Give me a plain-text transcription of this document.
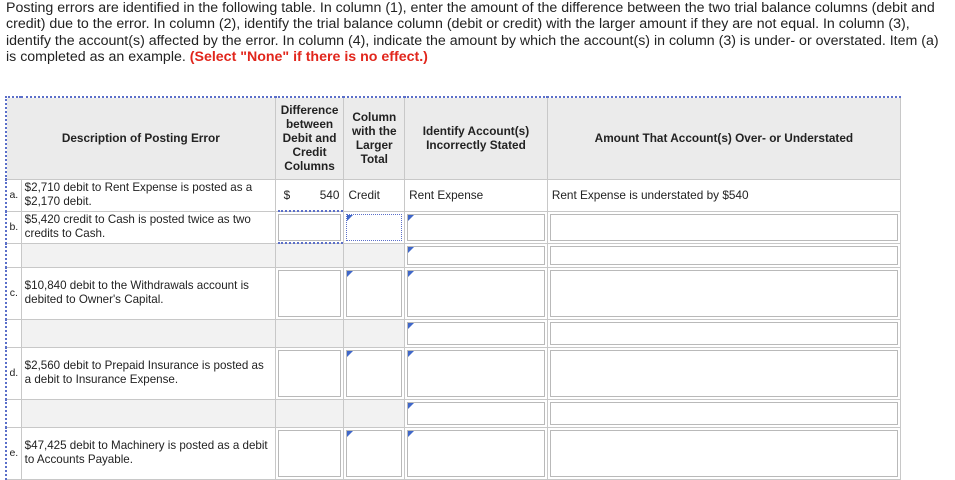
Posting errors are identified in the following table. In column (1), enter the amount of the difference between the two trial balance columns (debit and credit) due to the error. In column (2), identify the trial balance column (debit or credit) with the larger amount if they are not equal. In column (3), identify the account(s) affected by the error. In column (4), indicate the amount by which the account(s) in column (3) is under- or overstated. Item (a) is completed as an example. (Select "None" if there is no effect.)
Description of Posting Error		Difference between Debit and Credit Columns	Column with the Larger Total	Identify Account(s) Incorrectly Stated	Amount That Account(s) Over- or Understated
a.	$2,710 debit to Rent Expense is posted as a $2,170 debit.	$ 540	Credit	Rent Expense	Rent Expense is understated by $540
b.	$5,420 credit to Cash is posted twice as two credits to Cash.	

c.	$10,840 debit to the Withdrawals account is debited to Owner's Capital.	

d.	$2,560 debit to Prepaid Insurance is posted as a debit to Insurance Expense.	

e.	$47,425 debit to Machinery is posted as a debit to Accounts Payable.	
